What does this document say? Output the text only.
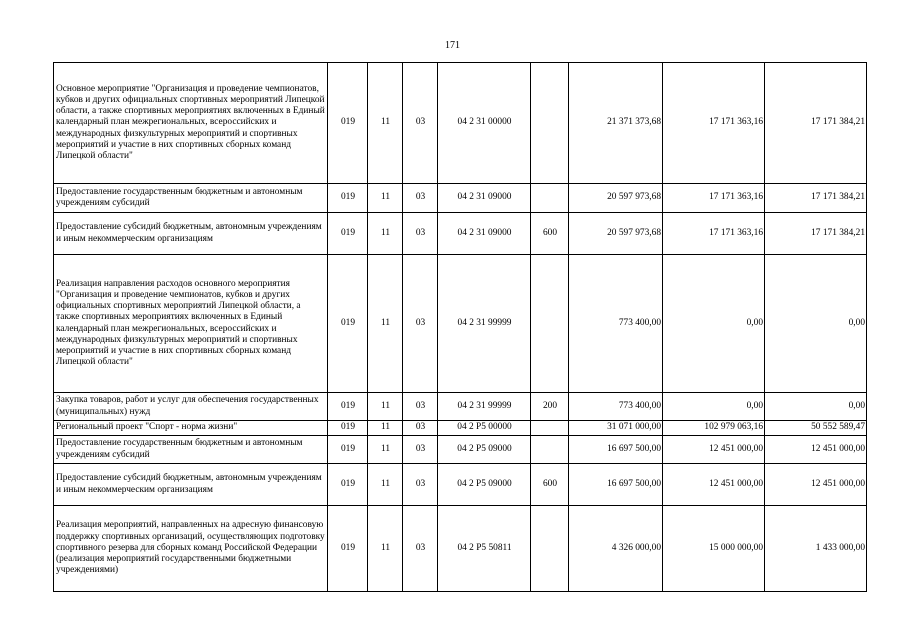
171
Основное мероприятие "Организация и проведение чемпионатов, кубков и других официальных спортивных мероприятий Липецкой области, а также спортивных мероприятиях включенных в Единый календарный план межрегиональных, всероссийских и международных физкультурных мероприятий и спортивных мероприятий и участие в них спортивных сборных команд Липецкой области"	019	11	03	04 2 31 00000		21 371 373,68	17 171 363,16	17 171 384,21
Предоставление государственным бюджетным и автономным учреждениям субсидий	019	11	03	04 2 31 09000		20 597 973,68	17 171 363,16	17 171 384,21
Предоставление субсидий бюджетным, автономным учреждениям и иным некоммерческим организациям	019	11	03	04 2 31 09000	600	20 597 973,68	17 171 363,16	17 171 384,21
Реализация направления расходов основного мероприятия "Организация и проведение чемпионатов, кубков и других официальных спортивных мероприятий Липецкой области, а также спортивных мероприятиях включенных в Единый календарный план межрегиональных, всероссийских и международных физкультурных мероприятий и спортивных мероприятий и участие в них спортивных сборных команд Липецкой области"	019	11	03	04 2 31 99999		773 400,00	0,00	0,00
Закупка товаров, работ и услуг для обеспечения государственных (муниципальных) нужд	019	11	03	04 2 31 99999	200	773 400,00	0,00	0,00
Региональный проект "Спорт - норма жизни"	019	11	03	04 2 P5 00000		31 071 000,00	102 979 063,16	50 552 589,47
Предоставление государственным бюджетным и автономным учреждениям субсидий	019	11	03	04 2 P5 09000		16 697 500,00	12 451 000,00	12 451 000,00
Предоставление субсидий бюджетным, автономным учреждениям и иным некоммерческим организациям	019	11	03	04 2 P5 09000	600	16 697 500,00	12 451 000,00	12 451 000,00
Реализация мероприятий, направленных на адресную финансовую поддержку спортивных организаций, осуществляющих подготовку спортивного резерва для сборных команд Российской Федерации (реализация мероприятий государственными бюджетными учреждениями)	019	11	03	04 2 P5 50811		4 326 000,00	15 000 000,00	1 433 000,00
